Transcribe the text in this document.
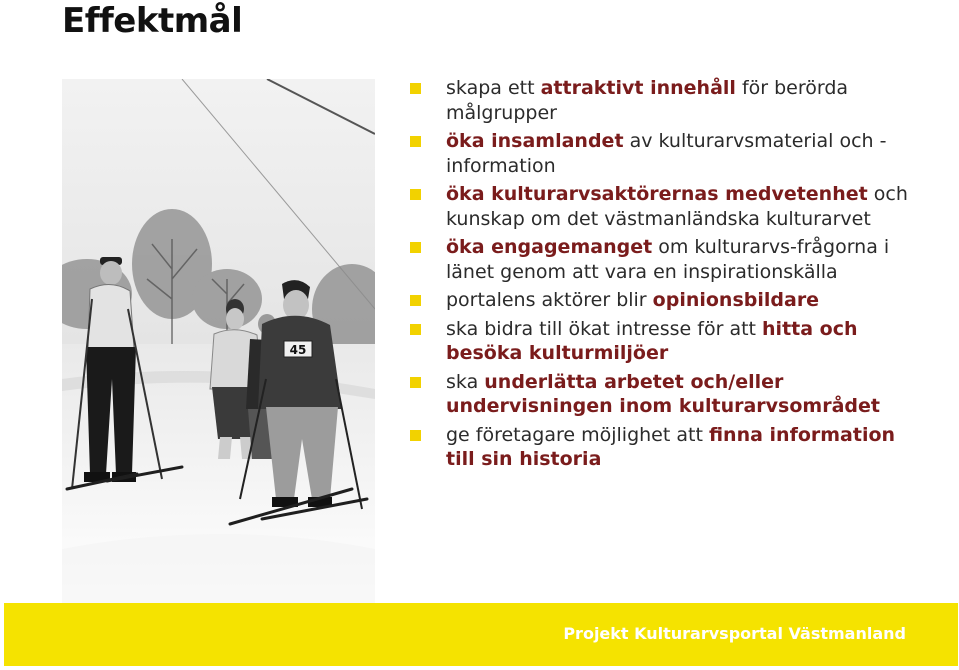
Effektmål
45
skapa ett attraktivt innehåll för berörda målgrupper
öka insamlandet av kulturarvsmaterial och -information
öka kulturarvsaktörernas medvetenhet och kunskap om det västmanländska kulturarvet
öka engagemanget om kulturarvs-frågorna i länet genom att vara en inspirationskälla
portalens aktörer blir opinionsbildare
ska bidra till ökat intresse för att hitta och besöka kulturmiljöer
ska underlätta arbetet och/eller undervisningen inom kulturarvsområdet
ge företagare möjlighet att finna information till sin historia
Projekt Kulturarvsportal Västmanland
